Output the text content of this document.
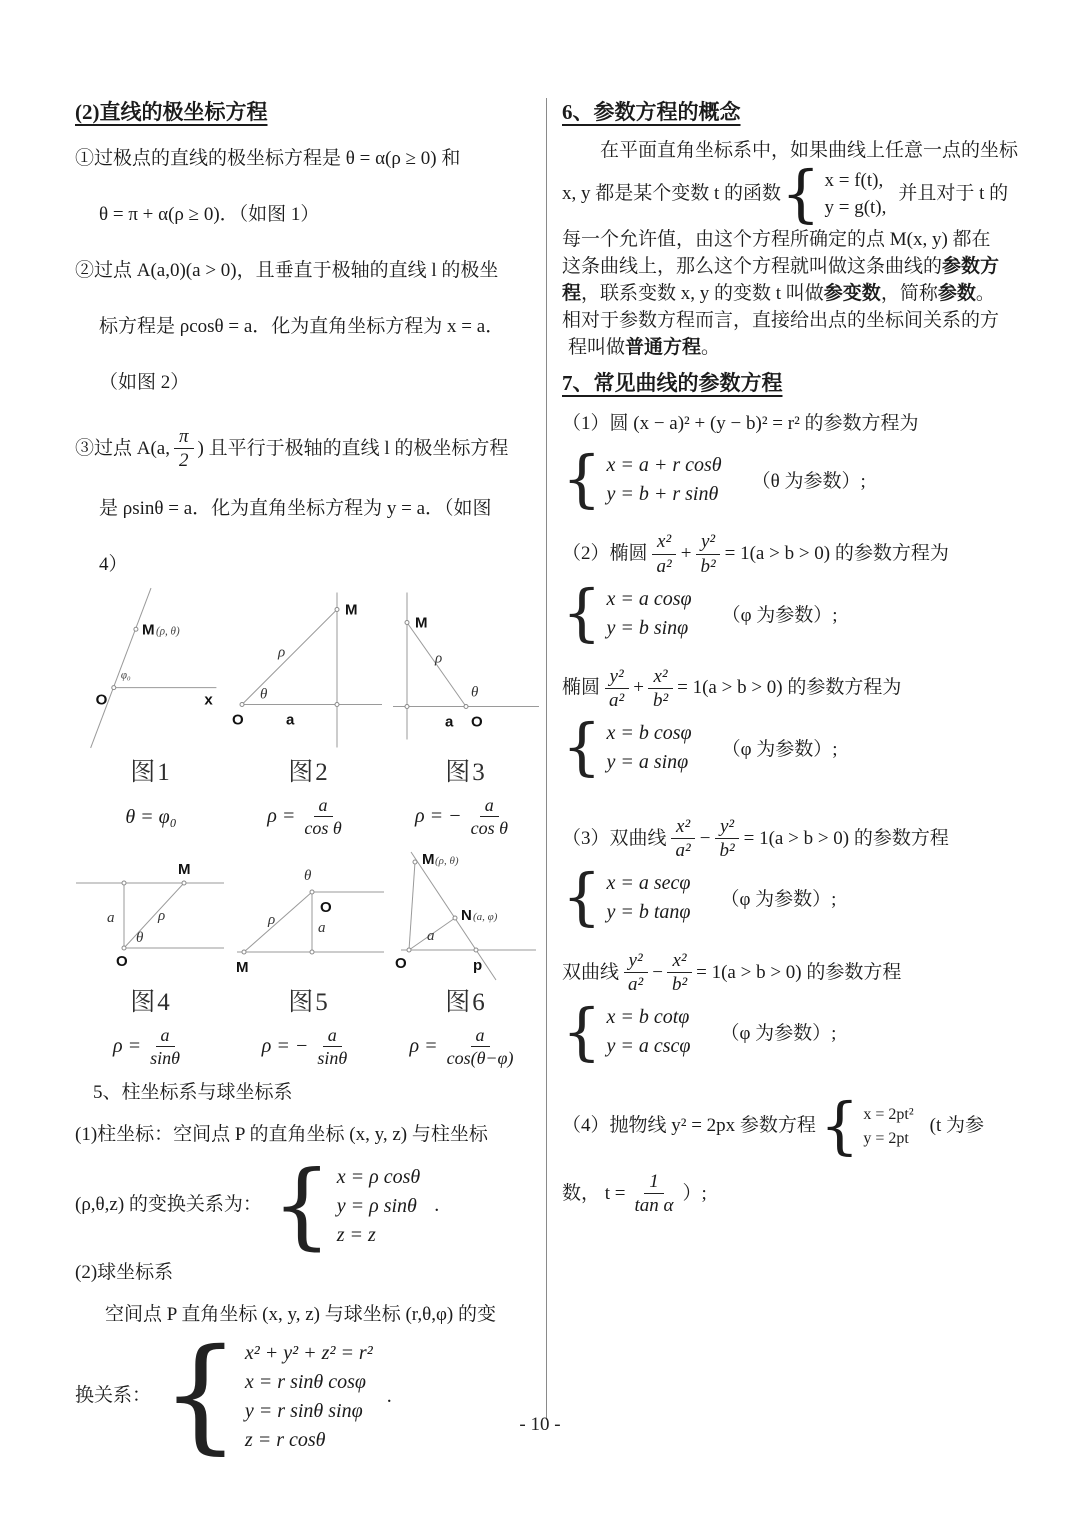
(2)直线的极坐标方程

①过极点的直线的极坐标方程是 θ = α(ρ ≥ 0) 和

θ = π + α(ρ ≥ 0)．（如图 1）

②过点 A(a,0)(a > 0)，且垂直于极轴的直线 l 的极坐

标方程是 ρcosθ = a．化为直角坐标方程为 x = a．

（如图 2）

③过点 A(a, $\frac{\pi}{2}$ ) 且平行于极轴的直线 l 的极坐标方程

是 ρsinθ = a．化为直角坐标方程为 y = a．（如图

4）

M (ρ, θ)
φ₀
O	x
图1
θ = φ₀
M
ρ
θ
O	a
图2
$\rho = \frac{a}{\text{cos θ}}$
M
ρ
θ
a O
图3
ρ = − $\frac{a}{\text{cos θ}}$
M
a	ρ
θ
O
图4
$\rho = \frac{a}{\sin\theta}$
θ
O
ρ	a
M
图5
ρ = − $\frac{a}{\sin\theta}$
M (ρ, θ)
N (a, φ)
a
O	p
图6
$\rho = \frac{a}{\cos(\theta-\varphi)}$

5、柱坐标系与球坐标系

(1)柱坐标：空间点 P 的直角坐标 (x, y, z) 与柱坐标

(ρ,θ,z) 的变换关系为： { x = ρ cosθ
y = ρ sinθ
z = z
.

(2)球坐标系

空间点 P 直角坐标 (x, y, z) 与球坐标 (r,θ,φ) 的变

换关系： { x² + y² + z² = r²
x = r sinθ cosφ
y = r sinθ sinφ
z = r cosθ
.
6、参数方程的概念

在平面直角坐标系中，如果曲线上任意一点的坐标

x, y 都是某个变数 t 的函数 { x = f(t),
y = g(t),
并且对于 t 的

每一个允许值，由这个方程所确定的点 M(x, y) 都在

这条曲线上，那么这个方程就叫做这条曲线的参数方

程，联系变数 x, y 的变数 t 叫做参变数，简称参数。

相对于参数方程而言，直接给出点的坐标间关系的方

程叫做普通方程。

7、常见曲线的参数方程

（1）圆 (x − a)² + (y − b)² = r² 的参数方程为

{ x = a + r cosθ
y = b + r sinθ
（θ 为参数）;
（2）椭圆 $\frac{\text{x²}}{\text{a²}} + \frac{\text{y²}}{\text{b²}} = 1(a > b > 0)$ 的参数方程为
{ x = a cosφ
y = b sinφ
（φ 为参数）;
椭圆 $\frac{\text{y²}}{\text{a²}} + \frac{\text{x²}}{\text{b²}} = 1(a > b > 0)$ 的参数方程为
{ x = b cosφ
y = a sinφ
（φ 为参数）;
（3）双曲线 $\frac{\text{x²}}{\text{a²}} - \frac{\text{y²}}{\text{b²}} = 1(a > b > 0)$ 的参数方程
{ x = a secφ
y = b tanφ
（φ 为参数）;
双曲线 $\frac{\text{y²}}{\text{a²}} - \frac{\text{x²}}{\text{b²}} = 1(a > b > 0)$ 的参数方程
{ x = b cotφ
y = a cscφ
（φ 为参数）;
（4）抛物线 y² = 2px 参数方程 { x = 2pt²
y = 2pt
(t 为参
数， $t = \frac{1}{\text{tan α}}$ ）;
- 10 -
